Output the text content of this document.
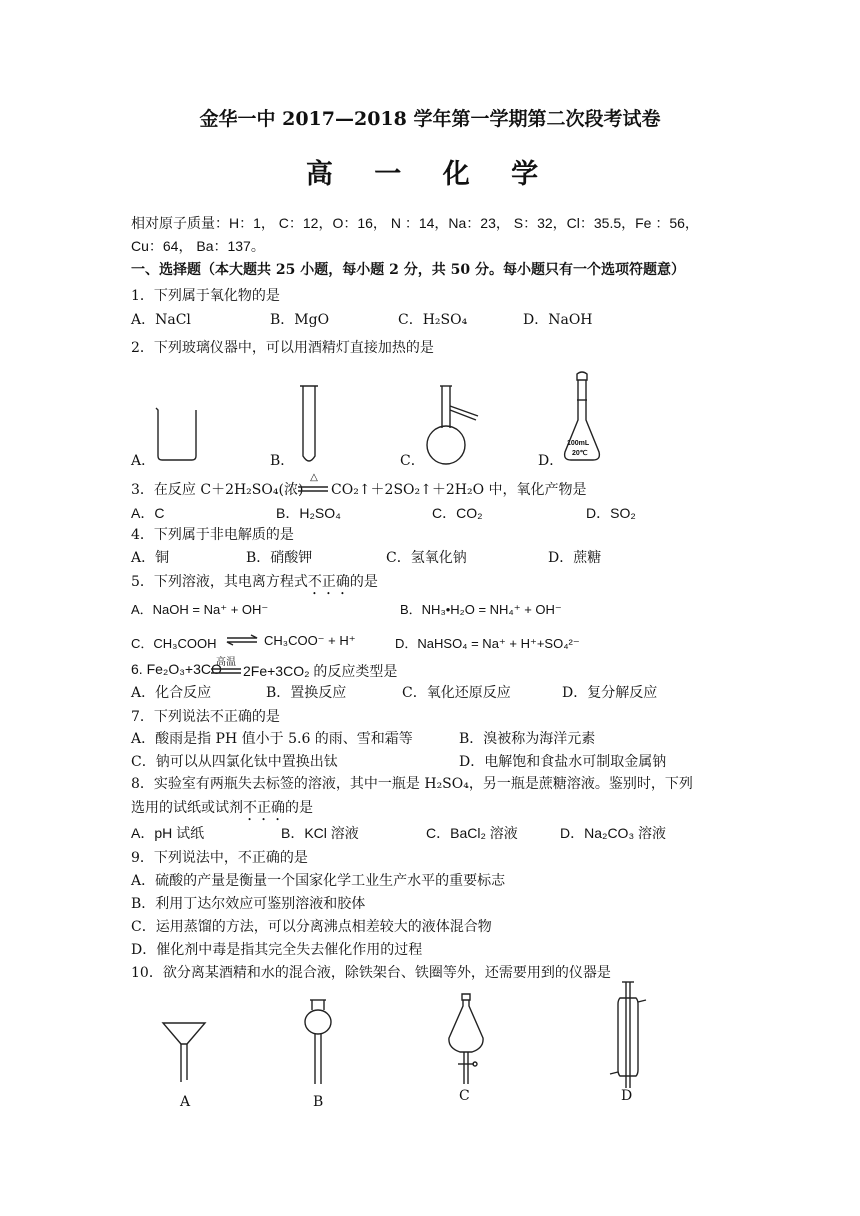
金华一中 2017—2018 学年第一学期第二次段考试卷
高 一 化 学
相对原子质量：H：1， C：12，O：16， N ：14，Na：23， S：32，Cl：35.5，Fe ：56，
Cu：64， Ba：137。
一、选择题（本大题共 25 小题，每小题 2 分，共 50 分。每小题只有一个选项符题意）
1．下列属于氧化物的是
A．NaCl	B．MgO	C．H₂SO₄	D．NaOH
2．下列玻璃仪器中，可以用酒精灯直接加热的是
100mL
20℃
A．	B．	C．	D．
3．在反应 C＋2H₂SO₄(浓)
△
CO₂↑＋2SO₂↑＋2H₂O 中，氧化产物是
A．C	B．H₂SO₄	C．CO₂	D．SO₂
4．下列属于非电解质的是
A．铜	B．硝酸钾	C．氢氧化钠	D．蔗糖
5．下列溶液，其电离方程式不正确的是
A．NaOH = Na⁺ + OH⁻	B．NH₃•H₂O = NH₄⁺ + OH⁻
C．CH₃COOH ⇌ CH₃COO⁻ + H⁺	D．NaHSO₄ = Na⁺ + H⁺+SO₄²⁻
6. Fe₂O₃+3CO
高温
2Fe+3CO₂ 的反应类型是
A．化合反应	B．置换反应	C．氧化还原反应	D．复分解反应
7．下列说法不正确的是
A．酸雨是指 PH 值小于 5.6 的雨、雪和霜等	B．溴被称为海洋元素
C．钠可以从四氯化钛中置换出钛	D．电解饱和食盐水可制取金属钠
8．实验室有两瓶失去标签的溶液，其中一瓶是 H₂SO₄，另一瓶是蔗糖溶液。鉴别时，下列
选用的试纸或试剂不正确的是
A．pH 试纸	B．KCl 溶液	C．BaCl₂ 溶液	D．Na₂CO₃ 溶液
9．下列说法中，不正确的是
A．硫酸的产量是衡量一个国家化学工业生产水平的重要标志
B．利用丁达尔效应可鉴别溶液和胶体
C．运用蒸馏的方法，可以分离沸点相差较大的液体混合物
D．催化剂中毒是指其完全失去催化作用的过程
10．欲分离某酒精和水的混合液，除铁架台、铁圈等外，还需要用到的仪器是
A	B	C	D
